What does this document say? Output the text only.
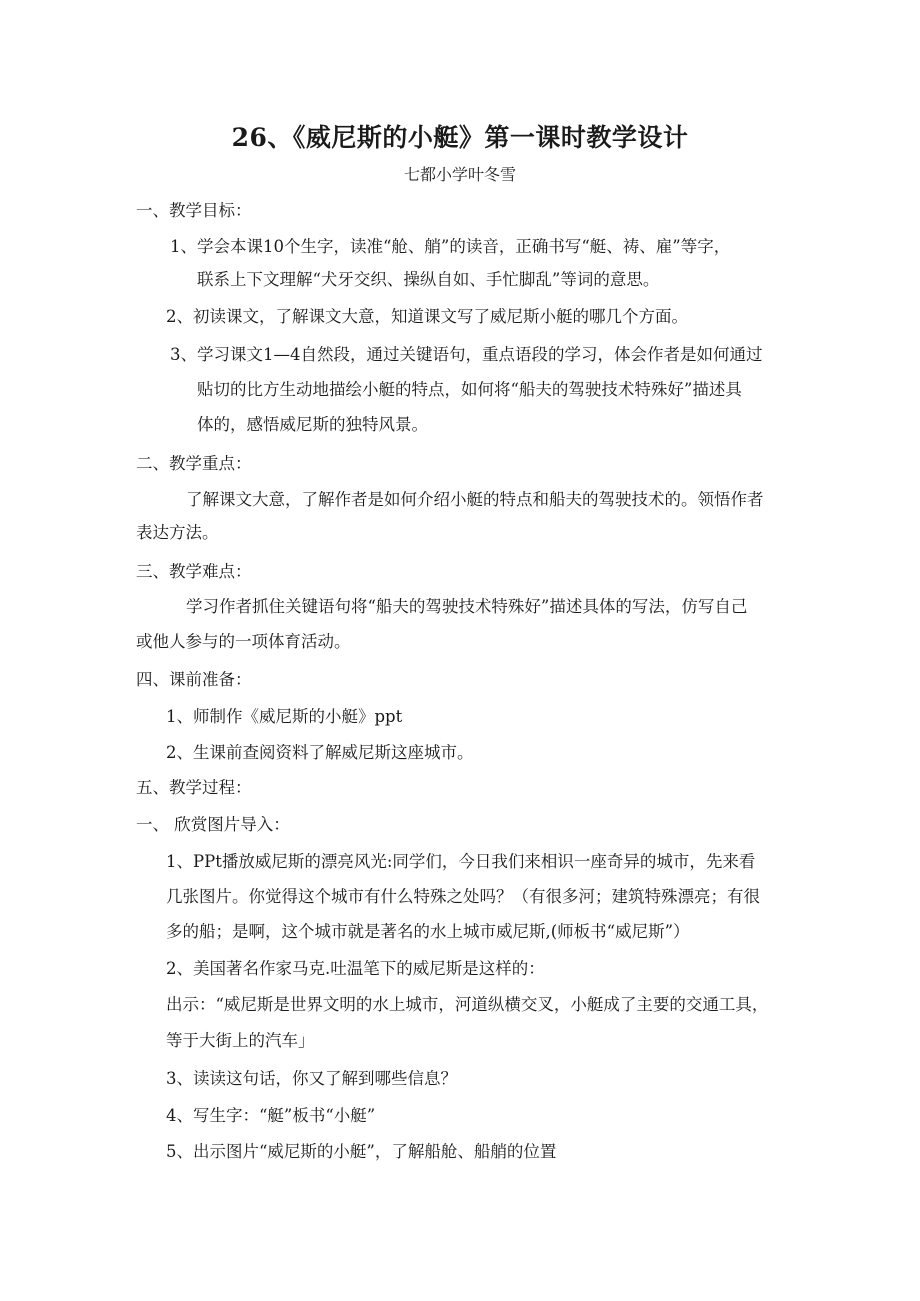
26、《威尼斯的小艇》第一课时教学设计
七都小学叶冬雪
一、教学目标：
1、学会本课10个生字，读准“舱、艄”的读音，正确书写“艇、祷、雇”等字，
联系上下文理解“犬牙交织、操纵自如、手忙脚乱”等词的意思。
2、初读课文，了解课文大意，知道课文写了威尼斯小艇的哪几个方面。
3、学习课文1—4自然段，通过关键语句，重点语段的学习，体会作者是如何通过
贴切的比方生动地描绘小艇的特点，如何将“船夫的驾驶技术特殊好”描述具
体的，感悟威尼斯的独特风景。
二、教学重点：
了解课文大意，了解作者是如何介绍小艇的特点和船夫的驾驶技术的。领悟作者
表达方法。
三、教学难点：
学习作者抓住关键语句将“船夫的驾驶技术特殊好”描述具体的写法，仿写自己
或他人参与的一项体育活动。
四、课前准备：
1、师制作《威尼斯的小艇》ppt
2、生课前查阅资料了解威尼斯这座城市。
五、教学过程：
一、 欣赏图片导入：
1、PPt播放威尼斯的漂亮风光:同学们，今日我们来相识一座奇异的城市，先来看
几张图片。你觉得这个城市有什么特殊之处吗？（有很多河；建筑特殊漂亮；有很
多的船；是啊，这个城市就是著名的水上城市威尼斯,(师板书“威尼斯”）
2、美国著名作家马克.吐温笔下的威尼斯是这样的：
出示：“威尼斯是世界文明的水上城市，河道纵横交叉，小艇成了主要的交通工具，
等于大街上的汽车」
3、读读这句话，你又了解到哪些信息？
4、写生字：“艇”板书“小艇”
5、出示图片“威尼斯的小艇”，了解船舱、船艄的位置
